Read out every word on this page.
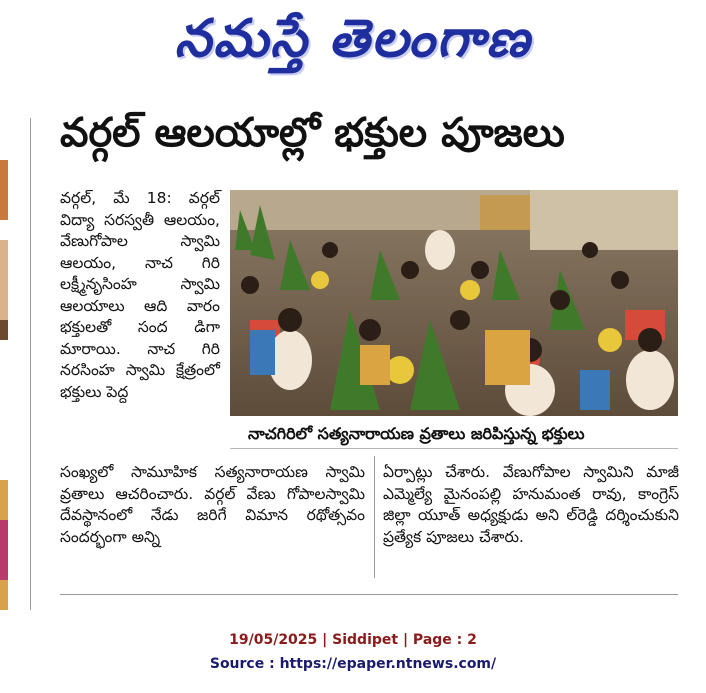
నమస్తే తెలంగాణ
వర్గల్‌ ఆలయాల్లో భక్తుల పూజలు
వర్గల్‌, మే 18: వర్గల్‌ విద్యా సరస్వతీ ఆలయం, వేణుగోపాల స్వామి ఆలయం, నాచ గిరి లక్ష్మీనృసింహ స్వామి ఆలయాలు ఆది వారం భక్తులతో సంద డిగా మారాయి. నాచ గిరి నరసింహ స్వామి క్షేత్రంలో భక్తులు పెద్ద
నాచగిరిలో సత్యనారాయణ వ్రతాలు జరిపిస్తున్న భక్తులు
సంఖ్యలో సామూహిక సత్యనారాయణ స్వామి వ్రతాలు ఆచరించారు. వర్గల్‌ వేణు గోపాలస్వామి దేవస్థానంలో నేడు జరిగే విమాన రథోత్సవం సందర్భంగా అన్ని
ఏర్పాట్లు చేశారు. వేణుగోపాల స్వామిని మాజీ ఎమ్మెల్యే మైనంపల్లి హనుమంత రావు, కాంగ్రెస్‌ జిల్లా యూత్‌ అధ్యక్షుడు అని ల్‌రెడ్డి దర్శించుకుని ప్రత్యేక పూజలు చేశారు.
19/05/2025 | Siddipet | Page : 2
Source : https://epaper.ntnews.com/
